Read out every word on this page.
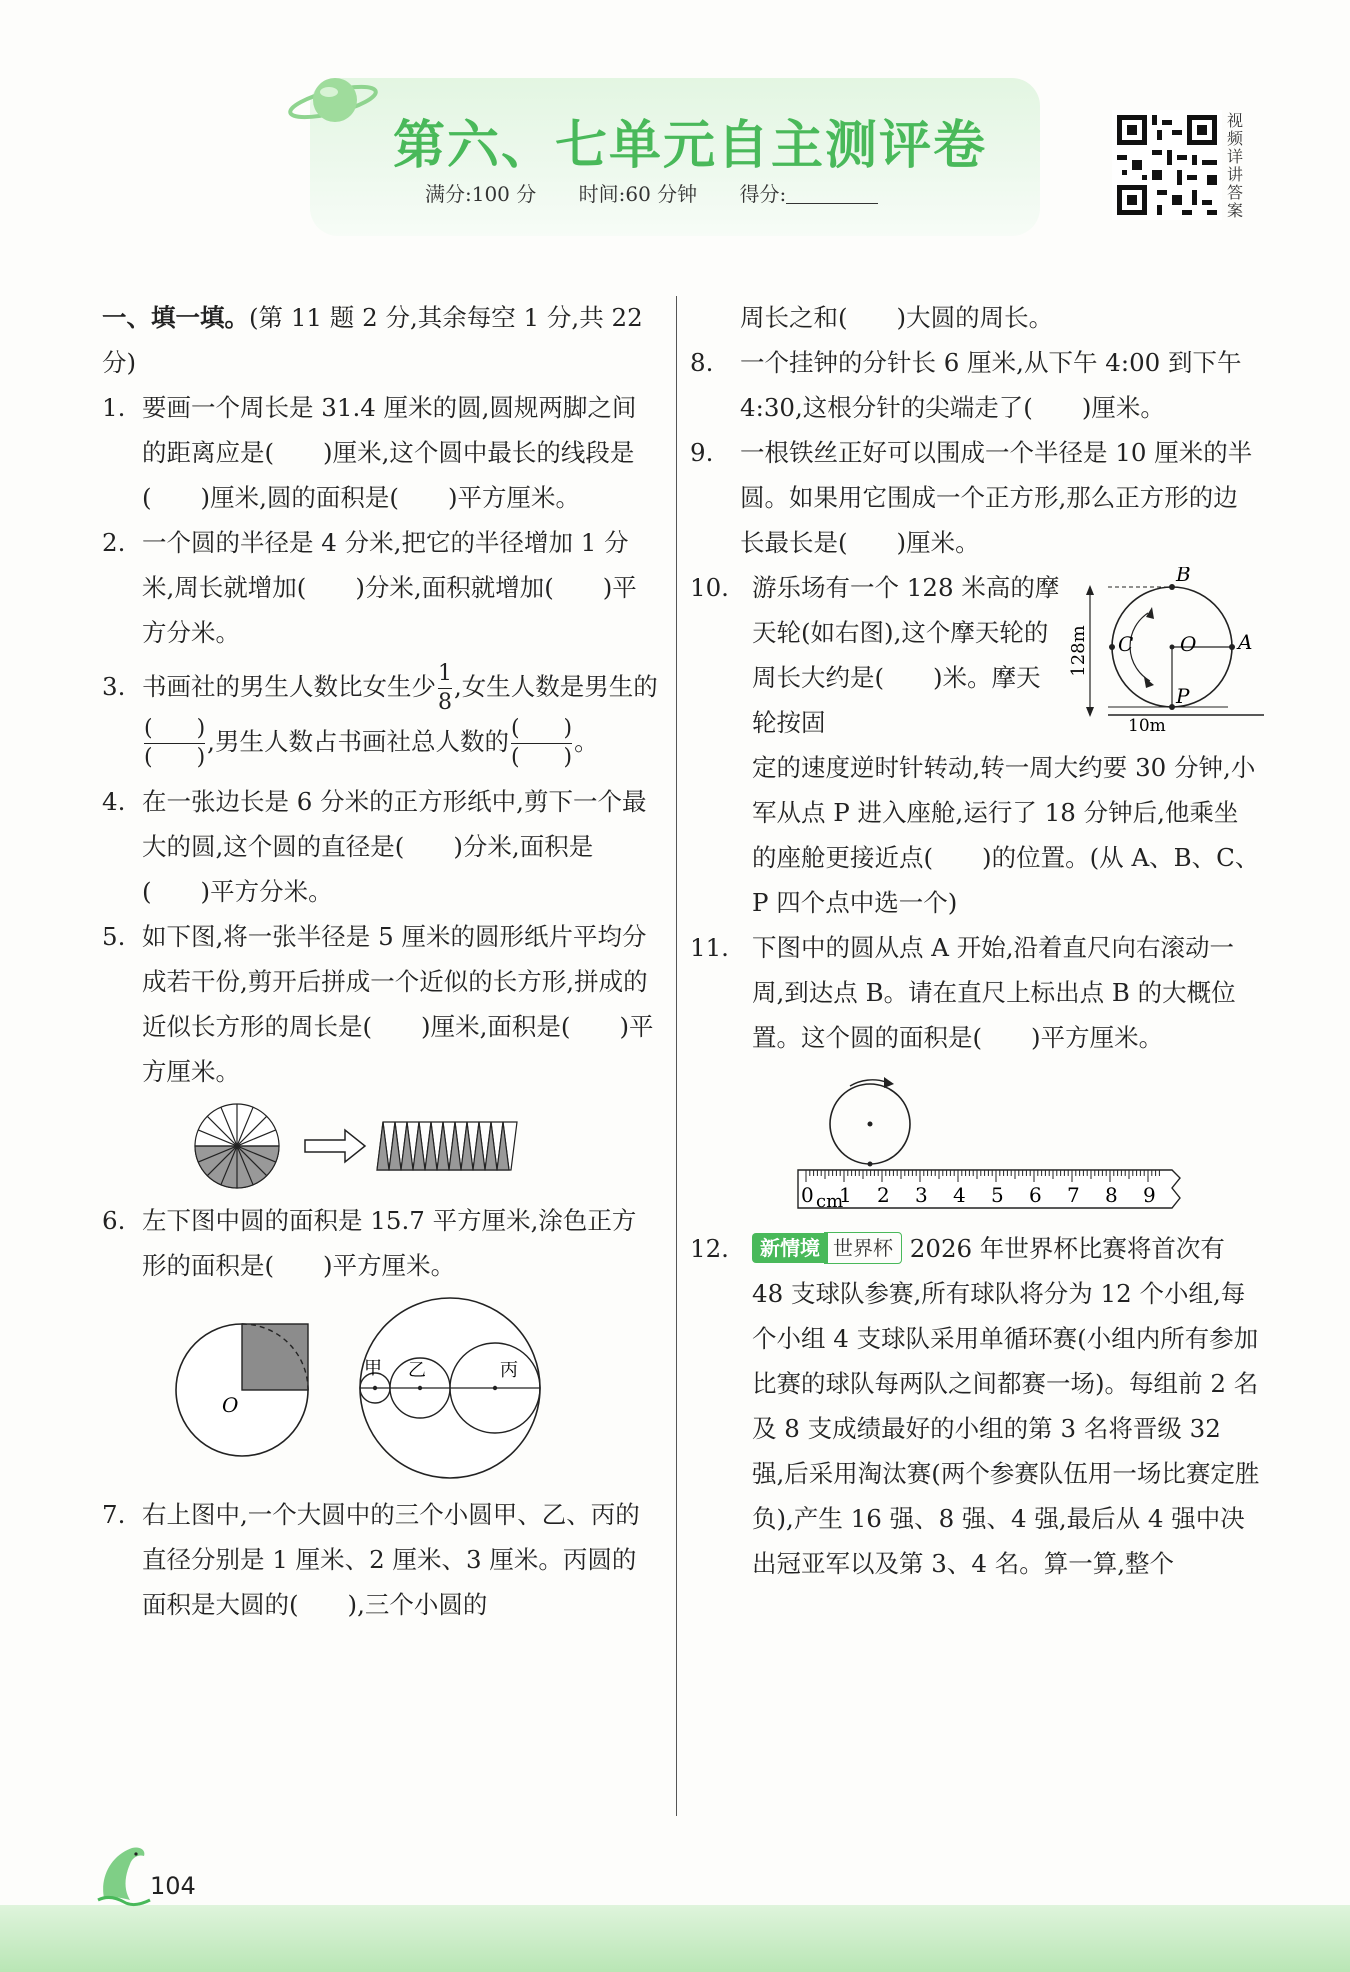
第六、七单元自主测评卷
满分:100 分 时间:60 分钟 得分:
视频详讲答案
一、填一填。(第 11 题 2 分,其余每空 1 分,共 22 分)
1. 要画一个周长是 31.4 厘米的圆,圆规两脚之间的距离应是(　　)厘米,这个圆中最长的线段是(　　)厘米,圆的面积是(　　)平方厘米。
2. 一个圆的半径是 4 分米,把它的半径增加 1 分米,周长就增加(　　)分米,面积就增加(　　)平方分米。
3. 书画社的男生人数比女生少 $\frac{1}{8}$ ,女生人数是男生的
$\frac{( )}{( )}$ ,男生人数占书画社总人数的 $\frac{( )}{( )}$ 。
4. 在一张边长是 6 分米的正方形纸中,剪下一个最大的圆,这个圆的直径是(　　)分米,面积是(　　)平方分米。
5. 如下图,将一张半径是 5 厘米的圆形纸片平均分成若干份,剪开后拼成一个近似的长方形,拼成的近似长方形的周长是(　　)厘米,面积是(　　)平方厘米。
6. 左下图中圆的面积是 15.7 平方厘米,涂色正方形的面积是(　　)平方厘米。
O
甲 乙	丙
7. 右上图中,一个大圆中的三个小圆甲、乙、丙的直径分别是 1 厘米、2 厘米、3 厘米。丙圆的面积是大圆的(　　),三个小圆的
周长之和(　　)大圆的周长。
8. 一个挂钟的分针长 6 厘米,从下午 4:00 到下午 4:30,这根分针的尖端走了(　　)厘米。
9. 一根铁丝正好可以围成一个半径是 10 厘米的半圆。如果用它围成一个正方形,那么正方形的边长最长是(　　)厘米。
10.	B
A
C O
P
128m
10m
游乐场有一个 128 米高的摩天轮(如右图),这个摩天轮的周长大约是(　　)米。摩天轮按固
定的速度逆时针转动,转一周大约要 30 分钟,小军从点 P 进入座舱,运行了 18 分钟后,他乘坐的座舱更接近点(　　)的位置。(从 A、B、C、P 四个点中选一个)
11. 下图中的圆从点 A 开始,沿着直尺向右滚动一周,到达点 B。请在直尺上标出点 B 的大概位置。这个圆的面积是(　　)平方厘米。
0 1 2 3 4 5 6 7 8 9
cm
12. 新情境 世界杯 2026 年世界杯比赛将首次有 48 支球队参赛,所有球队将分为 12 个小组,每个小组 4 支球队采用单循环赛(小组内所有参加比赛的球队每两队之间都赛一场)。每组前 2 名及 8 支成绩最好的小组的第 3 名将晋级 32 强,后采用淘汰赛(两个参赛队伍用一场比赛定胜负),产生 16 强、8 强、4 强,最后从 4 强中决出冠亚军以及第 3、4 名。算一算,整个
104
